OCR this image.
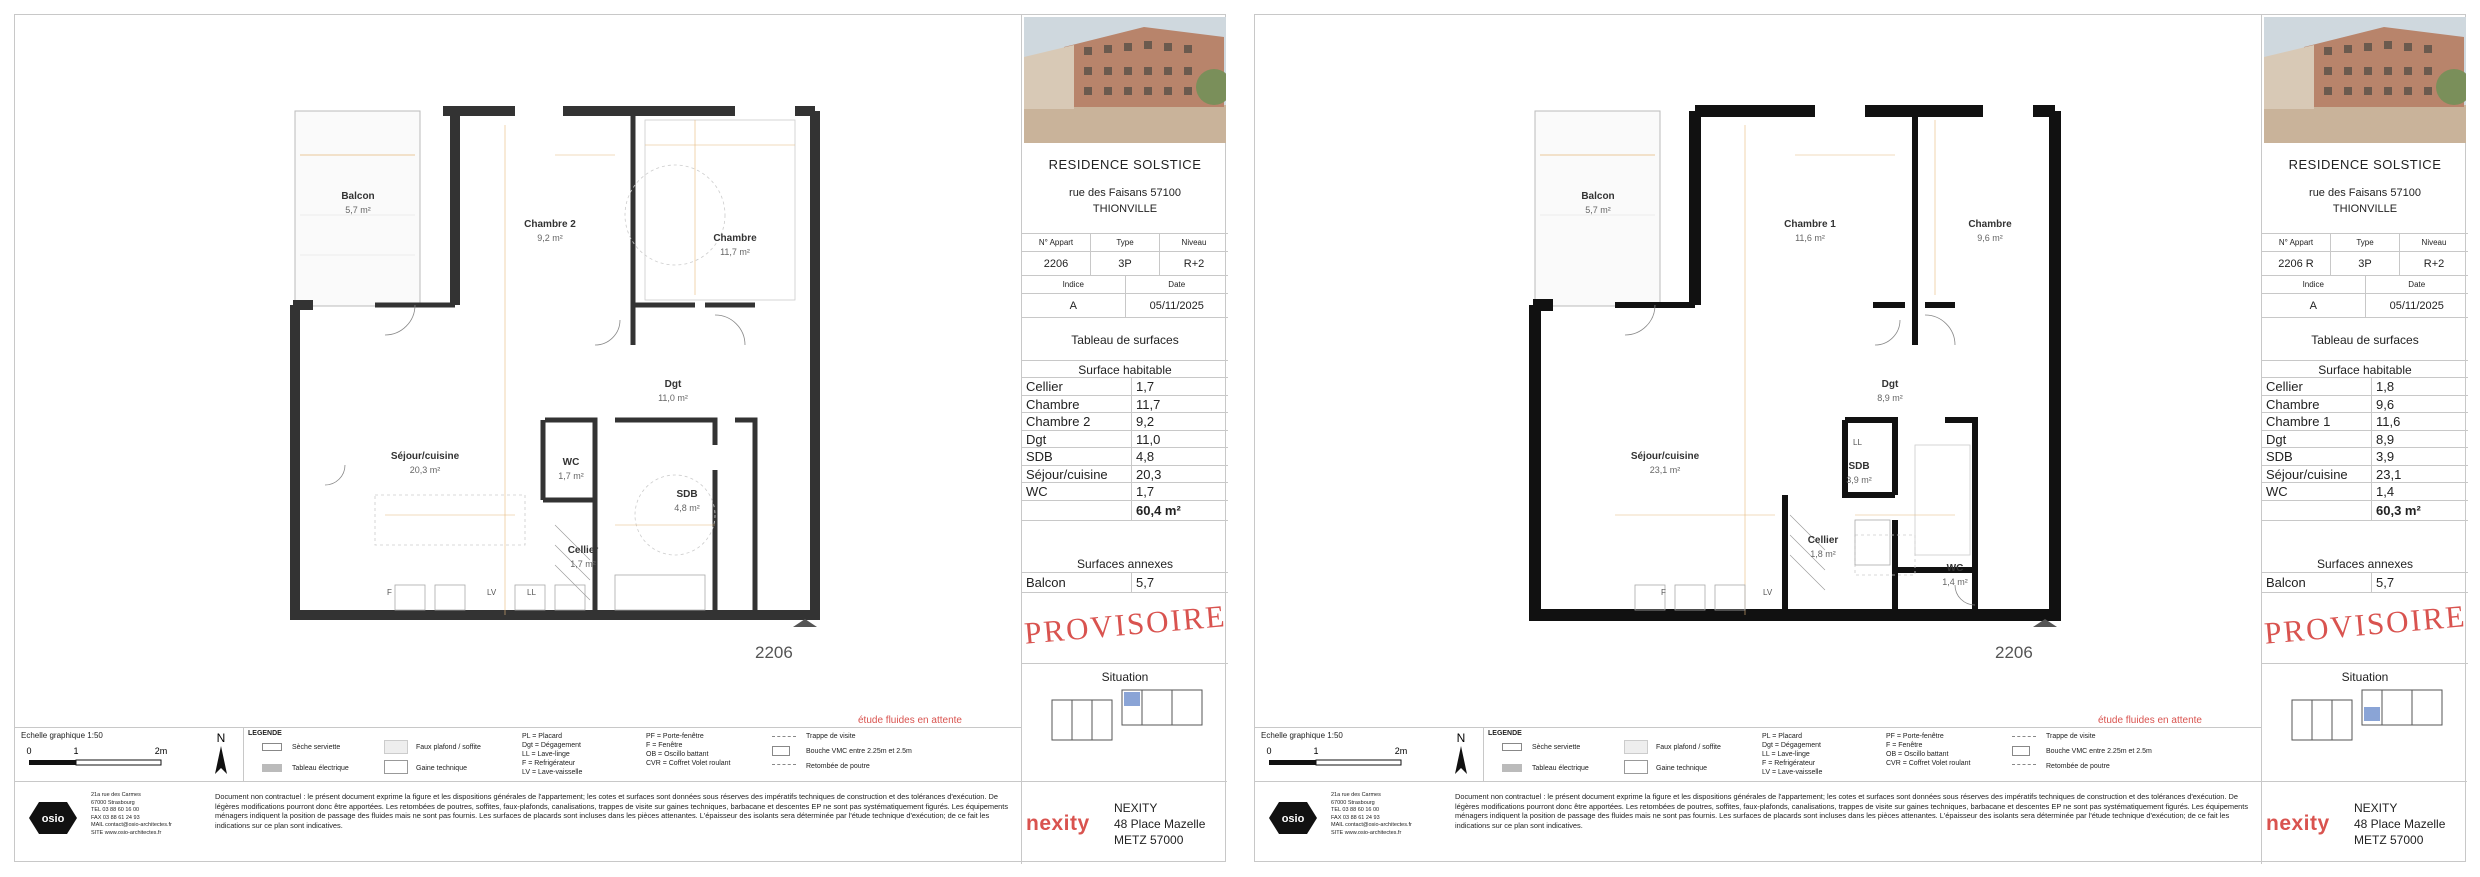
Balcon
Chambre 2
Chambre
Dgt
Séjour/cuisine
SDB
WC
Cellier
5,7 m²
9,2 m²
11,7 m²
11,0 m²
20,3 m²
4,8 m²
1,7 m²
1,7 m²
F	LV	LL
2206
étude fluides en attente
RESIDENCE SOLSTICE
rue des Faisans 57100
THIONVILLE
N° Appart	Type	Niveau
2206	3P	R+2
Indice	Date
A	05/11/2025
Tableau de surfaces
Surface habitable
Cellier	1,7
Chambre	11,7
Chambre 2	9,2
Dgt	11,0
SDB	4,8
Séjour/cuisine	20,3
WC	1,7
60,4 m²
Surfaces annexes
Balcon	5,7
PROVISOIRE
Situation
Echelle graphique 1:50
0	1	2m
N	LEGENDE
Sèche serviette
Tableau électrique
Faux plafond / soffite
Gaine technique
PL = Placard
Dgt = Dégagement
LL = Lave-linge
F = Refrigérateur
LV = Lave-vaisselle
PF = Porte-fenêtre
F = Fenêtre
OB = Oscillo battant
CVR = Coffret Volet roulant
Trappe de visite
Bouche VMC entre 2.25m et 2.5m
Retombée de poutre
osio
21a rue des Carmes
67000 Strasbourg
TEL 03 88 60 16 00
FAX 03 88 61 24 93
MAIL contact@osio-architectes.fr
SITE www.osio-architectes.fr
Document non contractuel : le présent document exprime la figure et les dispositions générales de l'appartement; les cotes et surfaces sont données sous réserves des impératifs techniques de construction et des tolérances d'exécution. De légères modifications pourront donc être apportées. Les retombées de poutres, soffites, faux-plafonds, canalisations, trappes de visite sur gaines techniques, barbacane et descentes EP ne sont pas systématiquement figurés. Les équipements ménagers indiquent la position de passage des fluides mais ne sont pas fournis. Les surfaces de placards sont incluses dans les pièces attenantes. L'épaisseur des isolants sera déterminée par l'étude technique d'exécution; de ce fait les indications sur ce plan sont indicatives.	nexity
NEXITY
48 Place Mazelle
METZ 57000
Balcon
Chambre 1	Chambre
Dgt
Séjour/cuisine
SDB
WC
Cellier
5,7 m²
11,6 m²	9,6 m²
8,9 m²
23,1 m²
3,9 m²
1,4 m²
1,8 m²
F	LV
LL
2206
étude fluides en attente
RESIDENCE SOLSTICE
rue des Faisans 57100
THIONVILLE
N° Appart	Type	Niveau
2206 R	3P	R+2
Indice	Date
A	05/11/2025
Tableau de surfaces
Surface habitable
Cellier	1,8
Chambre	9,6
Chambre 1	11,6
Dgt	8,9
SDB	3,9
Séjour/cuisine	23,1
WC	1,4
60,3 m²
Surfaces annexes
Balcon	5,7
PROVISOIRE
Situation
Echelle graphique 1:50
0	1	2m
N	LEGENDE
Sèche serviette
Tableau électrique
Faux plafond / soffite
Gaine technique
PL = Placard
Dgt = Dégagement
LL = Lave-linge
F = Refrigérateur
LV = Lave-vaisselle
PF = Porte-fenêtre
F = Fenêtre
OB = Oscillo battant
CVR = Coffret Volet roulant
Trappe de visite
Bouche VMC entre 2.25m et 2.5m
Retombée de poutre
osio
21a rue des Carmes
67000 Strasbourg
TEL 03 88 60 16 00
FAX 03 88 61 24 93
MAIL contact@osio-architectes.fr
SITE www.osio-architectes.fr
Document non contractuel : le présent document exprime la figure et les dispositions générales de l'appartement; les cotes et surfaces sont données sous réserves des impératifs techniques de construction et des tolérances d'exécution. De légères modifications pourront donc être apportées. Les retombées de poutres, soffites, faux-plafonds, canalisations, trappes de visite sur gaines techniques, barbacane et descentes EP ne sont pas systématiquement figurés. Les équipements ménagers indiquent la position de passage des fluides mais ne sont pas fournis. Les surfaces de placards sont incluses dans les pièces attenantes. L'épaisseur des isolants sera déterminée par l'étude technique d'exécution; de ce fait les indications sur ce plan sont indicatives.	nexity
NEXITY
48 Place Mazelle
METZ 57000
